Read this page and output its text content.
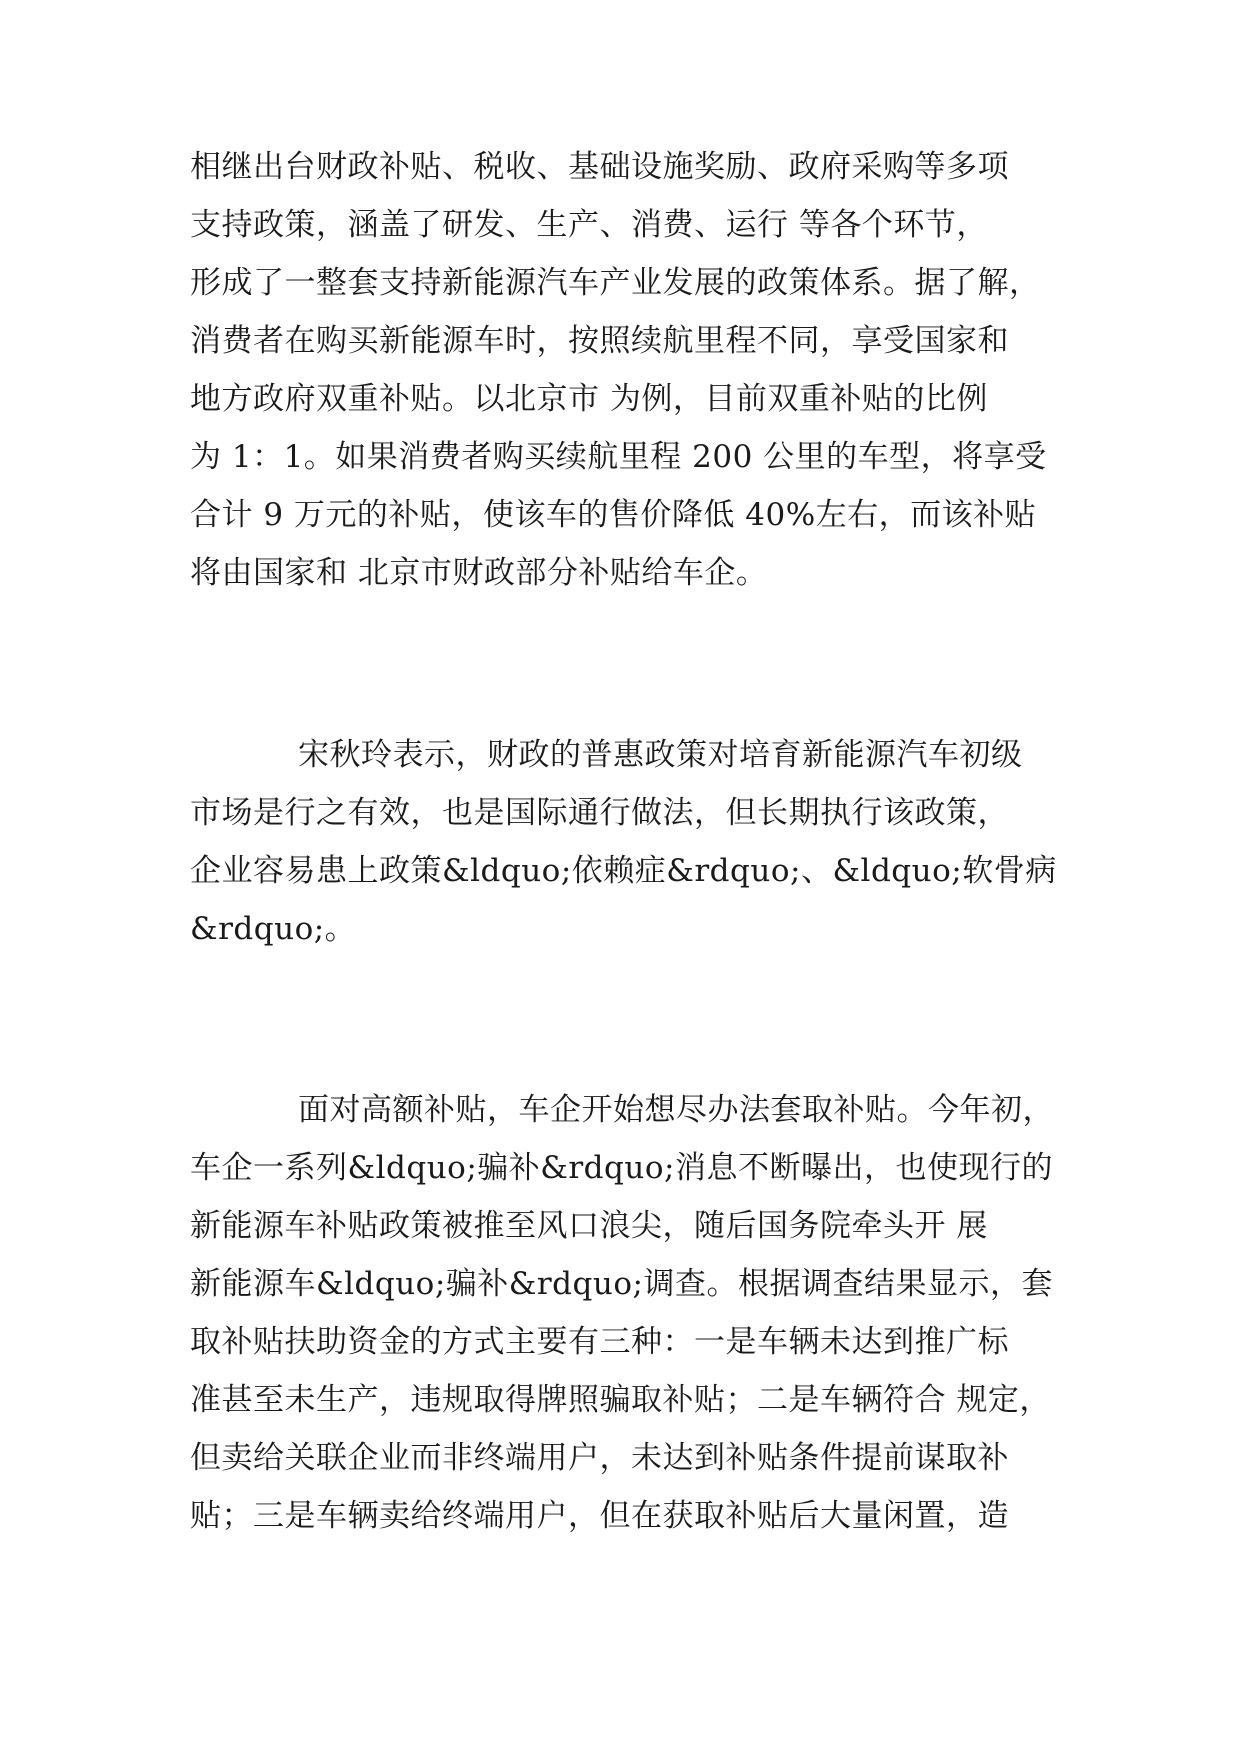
相继出台财政补贴、税收、基础设施奖励、政府采购等多项

支持政策，涵盖了研发、生产、消费、运行 等各个环节，

形成了一整套支持新能源汽车产业发展的政策体系。据了解，

消费者在购买新能源车时，按照续航里程不同，享受国家和

地方政府双重补贴。以北京市 为例，目前双重补贴的比例

为 1：1。如果消费者购买续航里程 200 公里的车型，将享受

合计 9 万元的补贴，使该车的售价降低 40%左右，而该补贴

将由国家和 北京市财政部分补贴给车企。

宋秋玲表示，财政的普惠政策对培育新能源汽车初级

市场是行之有效，也是国际通行做法，但长期执行该政策，

企业容易患上政策&ldquo;依赖症&rdquo;、&ldquo;软骨病

&rdquo;。

面对高额补贴，车企开始想尽办法套取补贴。今年初，

车企一系列&ldquo;骗补&rdquo;消息不断曝出，也使现行的

新能源车补贴政策被推至风口浪尖，随后国务院牵头开 展

新能源车&ldquo;骗补&rdquo;调查。根据调查结果显示，套

取补贴扶助资金的方式主要有三种：一是车辆未达到推广标

准甚至未生产，违规取得牌照骗取补贴；二是车辆符合 规定，

但卖给关联企业而非终端用户，未达到补贴条件提前谋取补

贴；三是车辆卖给终端用户，但在获取补贴后大量闲置，造
